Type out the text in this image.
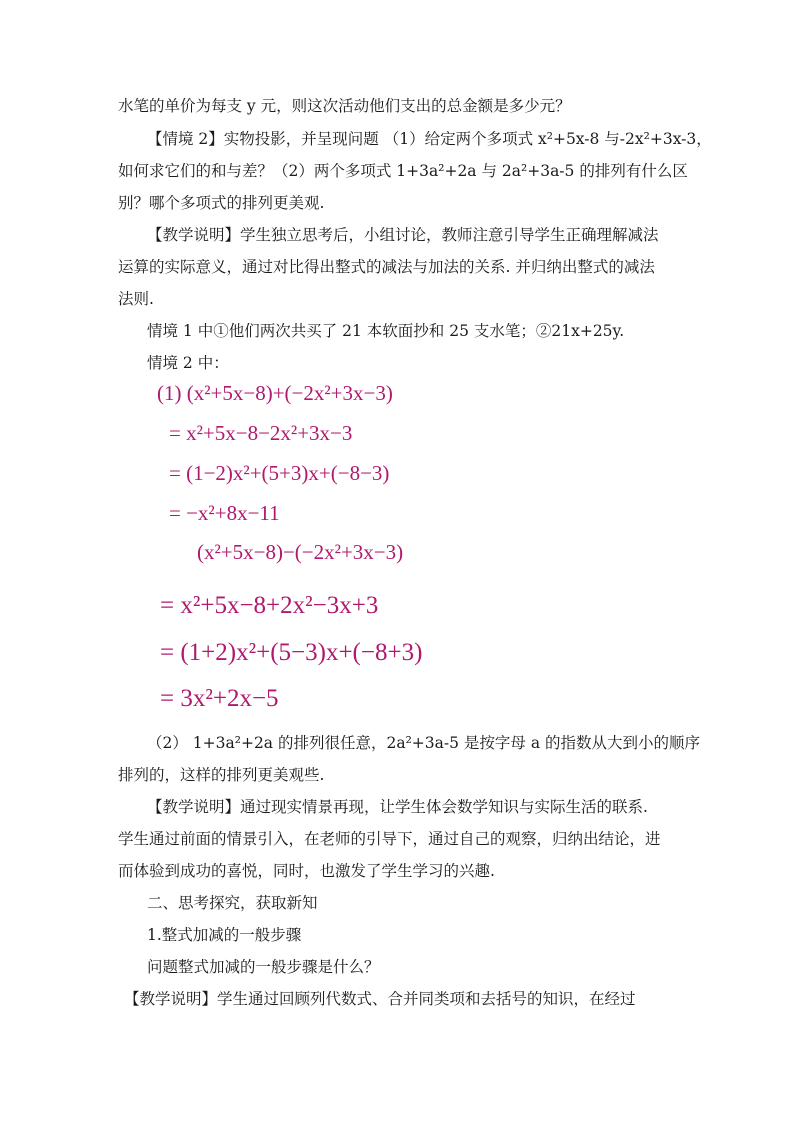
水笔的单价为每支 y 元，则这次活动他们支出的总金额是多少元？
【情境 2】实物投影，并呈现问题 （1）给定两个多项式 x²+5x-8 与-2x²+3x-3，
如何求它们的和与差？（2）两个多项式 1+3a²+2a 与 2a²+3a-5 的排列有什么区
别？哪个多项式的排列更美观.
【教学说明】学生独立思考后，小组讨论，教师注意引导学生正确理解减法
运算的实际意义，通过对比得出整式的减法与加法的关系. 并归纳出整式的减法
法则.
情境 1 中①他们两次共买了 21 本软面抄和 25 支水笔；②21x+25y.
情境 2 中：
(1) (x²+5x−8)+(−2x²+3x−3)
= x²+5x−8−2x²+3x−3
= (1−2)x²+(5+3)x+(−8−3)
= −x²+8x−11
(x²+5x−8)−(−2x²+3x−3)
= x²+5x−8+2x²−3x+3
= (1+2)x²+(5−3)x+(−8+3)
= 3x²+2x−5
（2） 1+3a²+2a 的排列很任意，2a²+3a-5 是按字母 a 的指数从大到小的顺序
排列的，这样的排列更美观些.
【教学说明】通过现实情景再现，让学生体会数学知识与实际生活的联系.
学生通过前面的情景引入，在老师的引导下，通过自己的观察，归纳出结论，进
而体验到成功的喜悦，同时，也激发了学生学习的兴趣.
二、思考探究，获取新知
1.整式加减的一般步骤
问题整式加减的一般步骤是什么？
【教学说明】学生通过回顾列代数式、合并同类项和去括号的知识，在经过
